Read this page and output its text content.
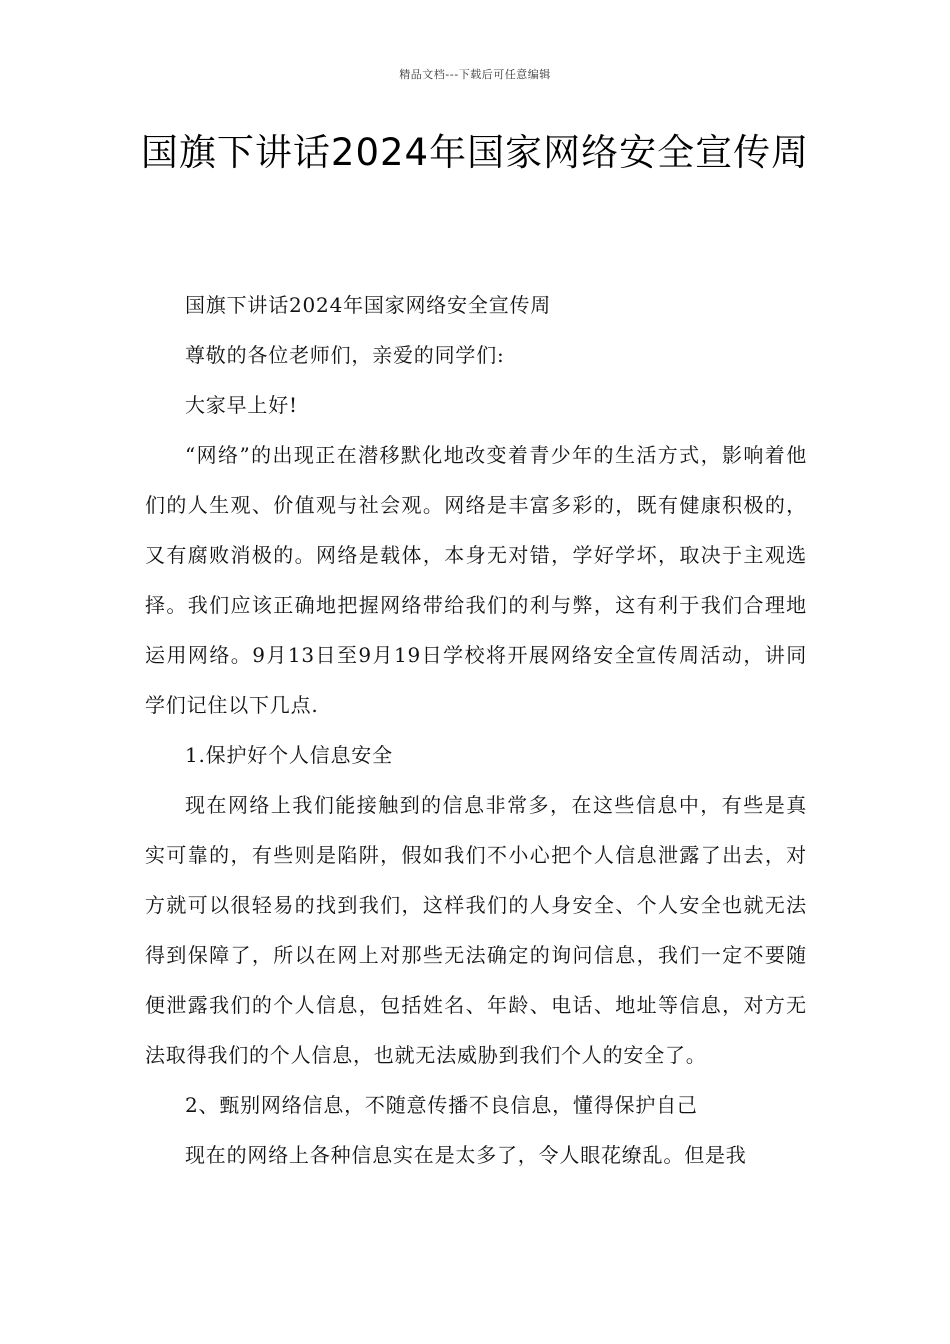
精品文档---下载后可任意编辑
国旗下讲话2024年国家网络安全宣传周

国旗下讲话2024年国家网络安全宣传周

尊敬的各位老师们，亲爱的同学们:

大家早上好!

“网络”的出现正在潜移默化地改变着青少年的生活方式，影响着他们的人生观、价值观与社会观。网络是丰富多彩的，既有健康积极的，又有腐败消极的。网络是载体，本身无对错，学好学坏，取决于主观选择。我们应该正确地把握网络带给我们的利与弊，这有利于我们合理地运用网络。9月13日至9月19日学校将开展网络安全宣传周活动，讲同学们记住以下几点.

1.保护好个人信息安全

现在网络上我们能接触到的信息非常多，在这些信息中，有些是真实可靠的，有些则是陷阱，假如我们不小心把个人信息泄露了出去，对方就可以很轻易的找到我们，这样我们的人身安全、个人安全也就无法得到保障了，所以在网上对那些无法确定的询问信息，我们一定不要随便泄露我们的个人信息，包括姓名、年龄、电话、地址等信息，对方无法取得我们的个人信息，也就无法威胁到我们个人的安全了。

2、甄别网络信息，不随意传播不良信息，懂得保护自己

现在的网络上各种信息实在是太多了，令人眼花缭乱。但是我
